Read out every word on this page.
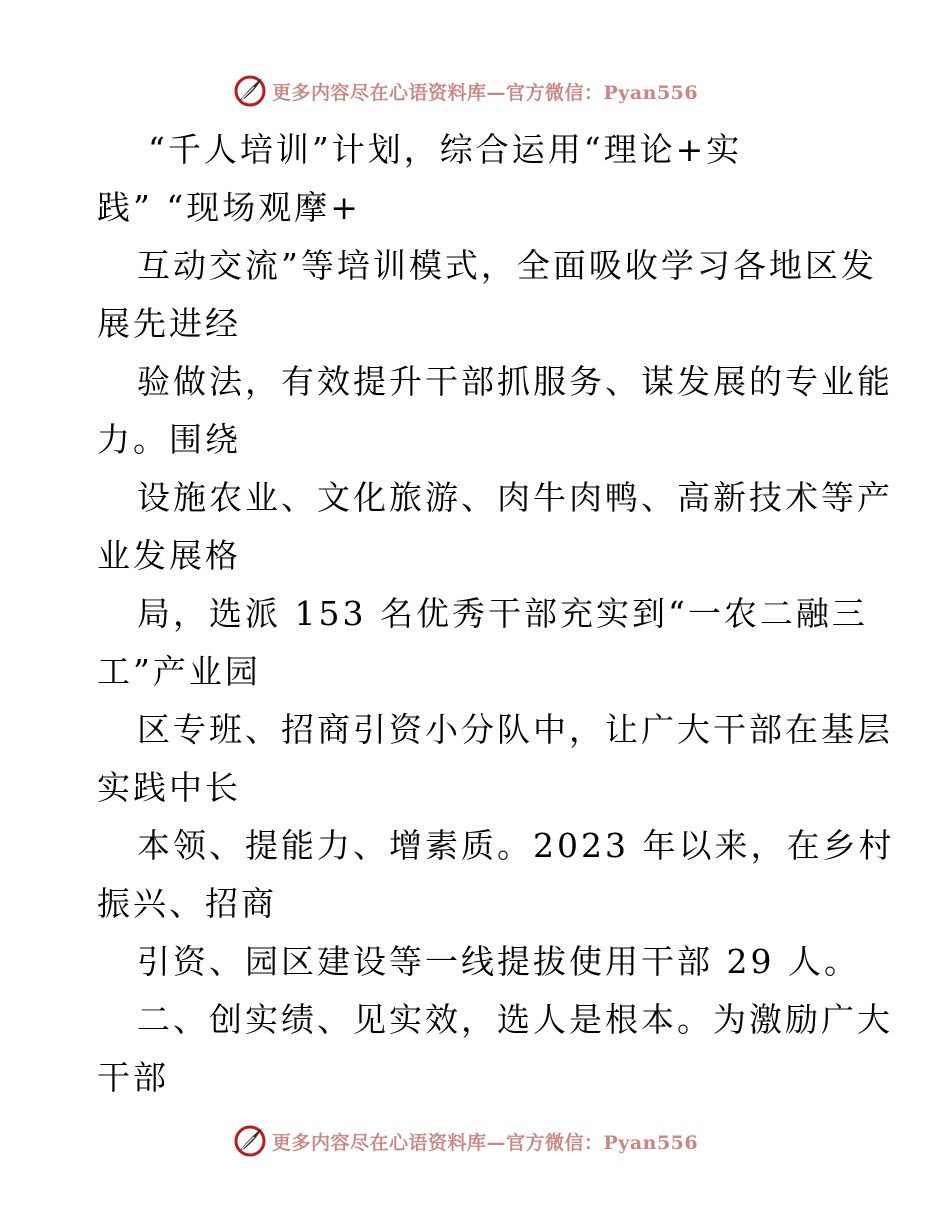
更多内容尽在心语资料库—官方微信：Pyan556
“千人培训”计划，综合运用“理论+实
践” “现场观摩+
互动交流”等培训模式，全面吸收学习各地区发
展先进经
验做法，有效提升干部抓服务、谋发展的专业能
力。围绕
设施农业、文化旅游、肉牛肉鸭、高新技术等产
业发展格
局，选派 153 名优秀干部充实到“一农二融三
工”产业园
区专班、招商引资小分队中，让广大干部在基层
实践中长
本领、提能力、增素质。2023 年以来，在乡村
振兴、招商
引资、园区建设等一线提拔使用干部 29 人。
二、创实绩、见实效，选人是根本。为激励广大
干部
更多内容尽在心语资料库—官方微信：Pyan556
